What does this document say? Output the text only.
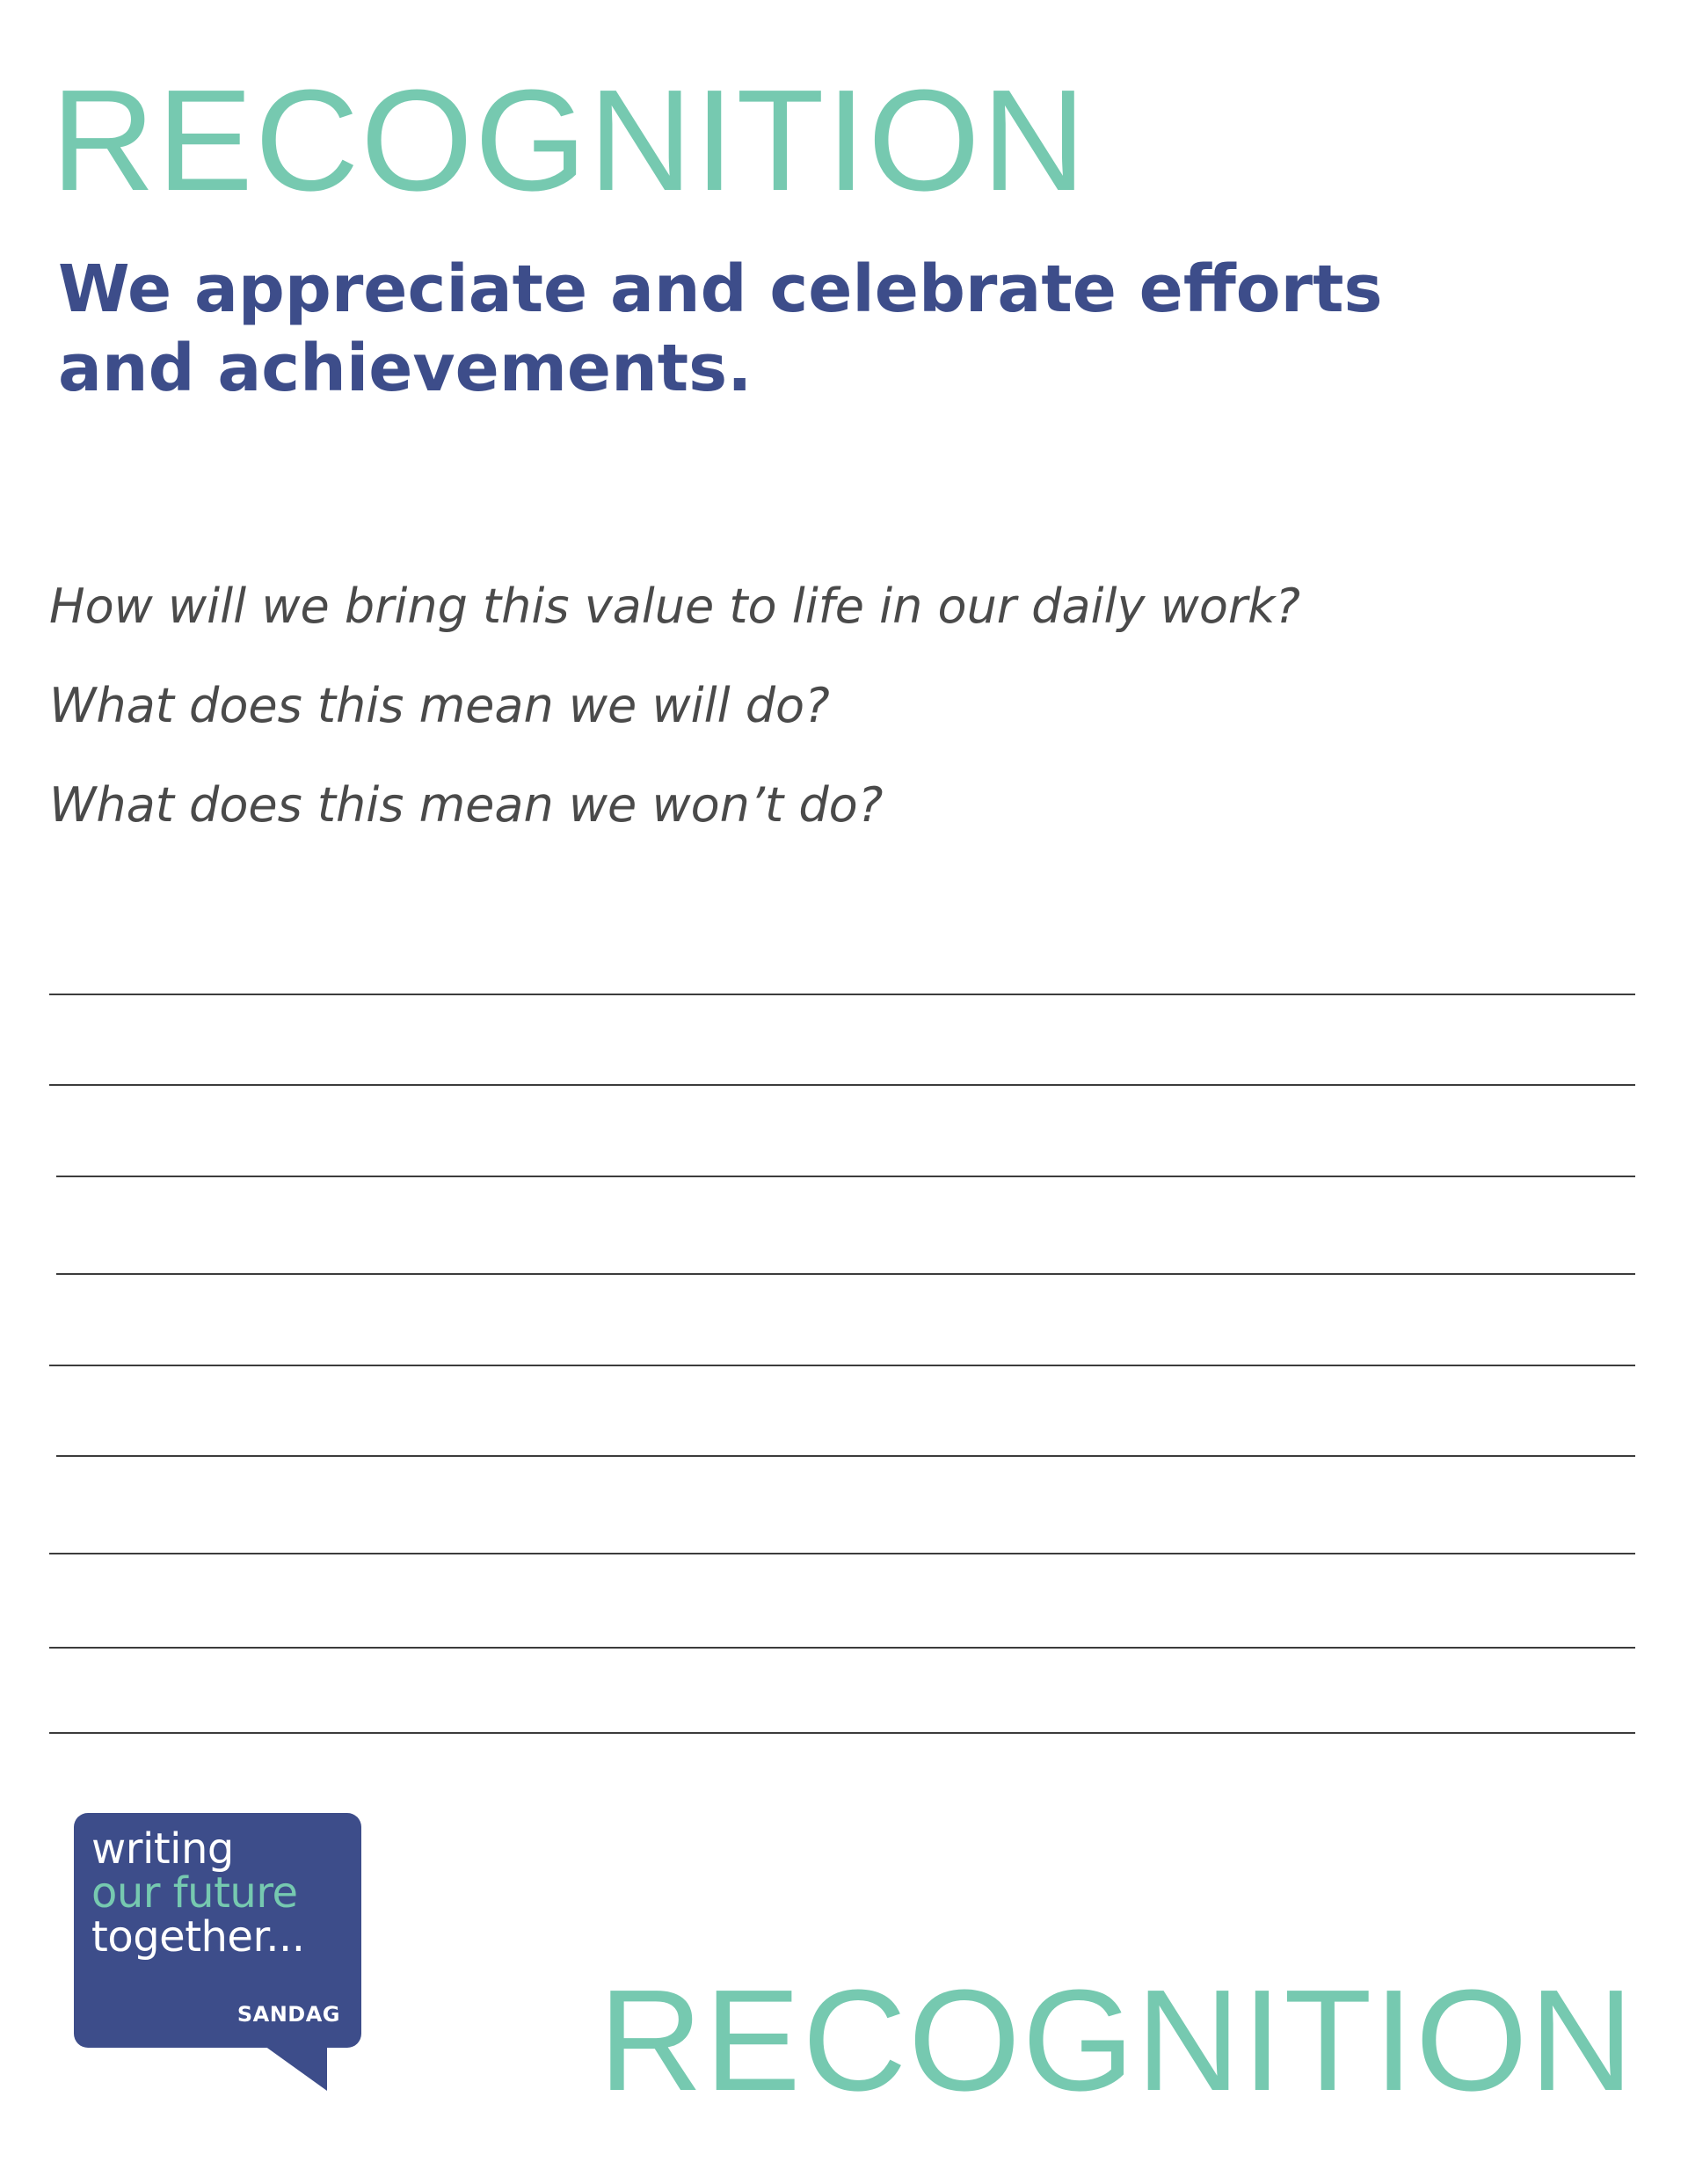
RECOGNITION

We appreciate and celebrate efforts and achievements.

How will we bring this value to life in our daily work?
What does this mean we will do?
What does this mean we won’t do?
writing
our future
together...
SANDAG RECOGNITION
